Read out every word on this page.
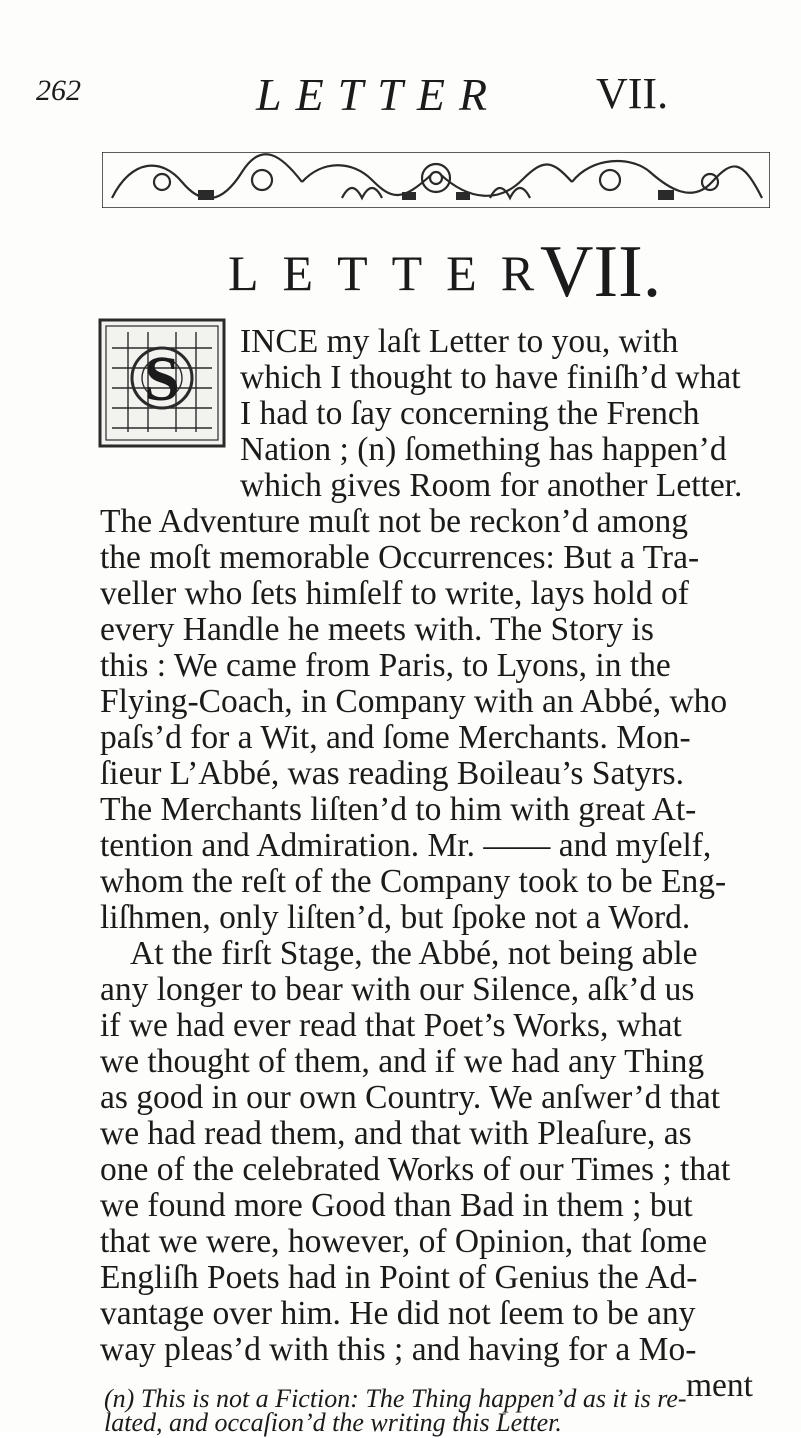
262	LETTER VII.
LETTER
VII.
S
INCE my laſt Letter to you, with
which I thought to have finiſh’d what
I had to ſay concerning the French
Nation ; (n) ſomething has happen’d
which gives Room for another Letter.
The Adventure muſt not be reckon’d among
the moſt memorable Occurrences: But a Tra-
veller who ſets himſelf to write, lays hold of
every Handle he meets with. The Story is
this : We came from Paris, to Lyons, in the
Flying-Coach, in Company with an Abbé, who
paſs’d for a Wit, and ſome Merchants. Mon-
ſieur L’Abbé, was reading Boileau’s Satyrs.
The Merchants liſten’d to him with great At-
tention and Admiration. Mr. —— and myſelf,
whom the reſt of the Company took to be Eng-
liſhmen, only liſten’d, but ſpoke not a Word.
At the firſt Stage, the Abbé, not being able
any longer to bear with our Silence, aſk’d us
if we had ever read that Poet’s Works, what
we thought of them, and if we had any Thing
as good in our own Country. We anſwer’d that
we had read them, and that with Pleaſure, as
one of the celebrated Works of our Times ; that
we found more Good than Bad in them ; but
that we were, however, of Opinion, that ſome
Engliſh Poets had in Point of Genius the Ad-
vantage over him. He did not ſeem to be any
way pleas’d with this ; and having for a Mo-
ment
(n) This is not a Fiction: The Thing happen’d as it is re-
lated, and occaſion’d the writing this Letter.
